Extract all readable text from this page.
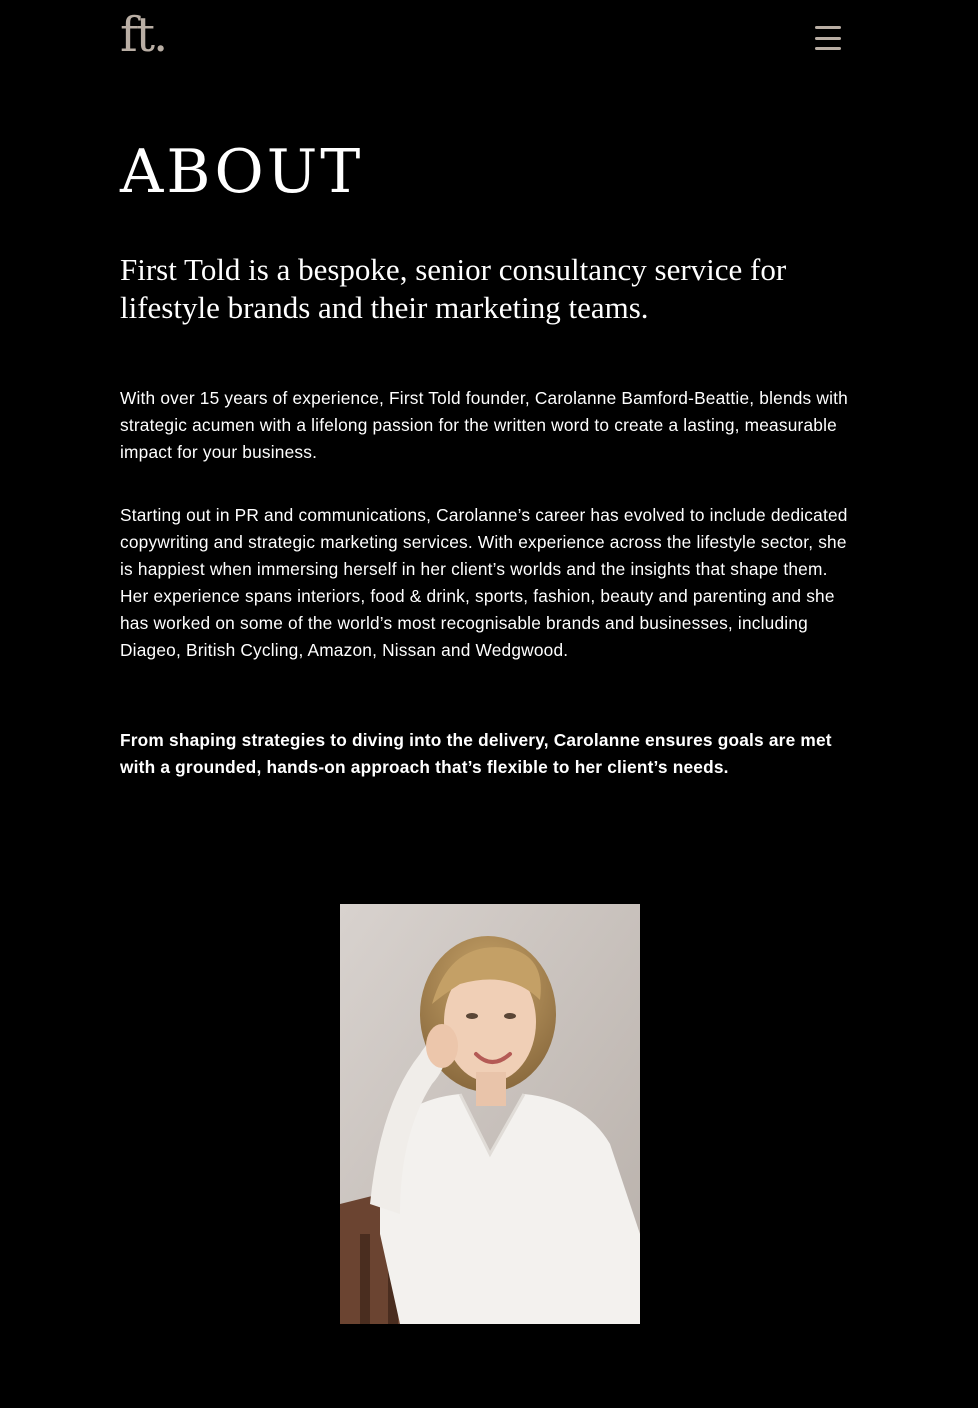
ft.
ABOUT

First Told is a bespoke, senior consultancy service for lifestyle brands and their marketing teams.

With over 15 years of experience, First Told founder, Carolanne Bamford-Beattie, blends with strategic acumen with a lifelong passion for the written word to create a lasting, measurable impact for your business.

Starting out in PR and communications, Carolanne’s career has evolved to include dedicated copywriting and strategic marketing services. With experience across the lifestyle sector, she is happiest when immersing herself in her client’s worlds and the insights that shape them. Her experience spans interiors, food & drink, sports, fashion, beauty and parenting and she has worked on some of the world’s most recognisable brands and businesses, including Diageo, British Cycling, Amazon, Nissan and Wedgwood.

From shaping strategies to diving into the delivery, Carolanne ensures goals are met with a grounded, hands-on approach that’s flexible to her client’s needs.
